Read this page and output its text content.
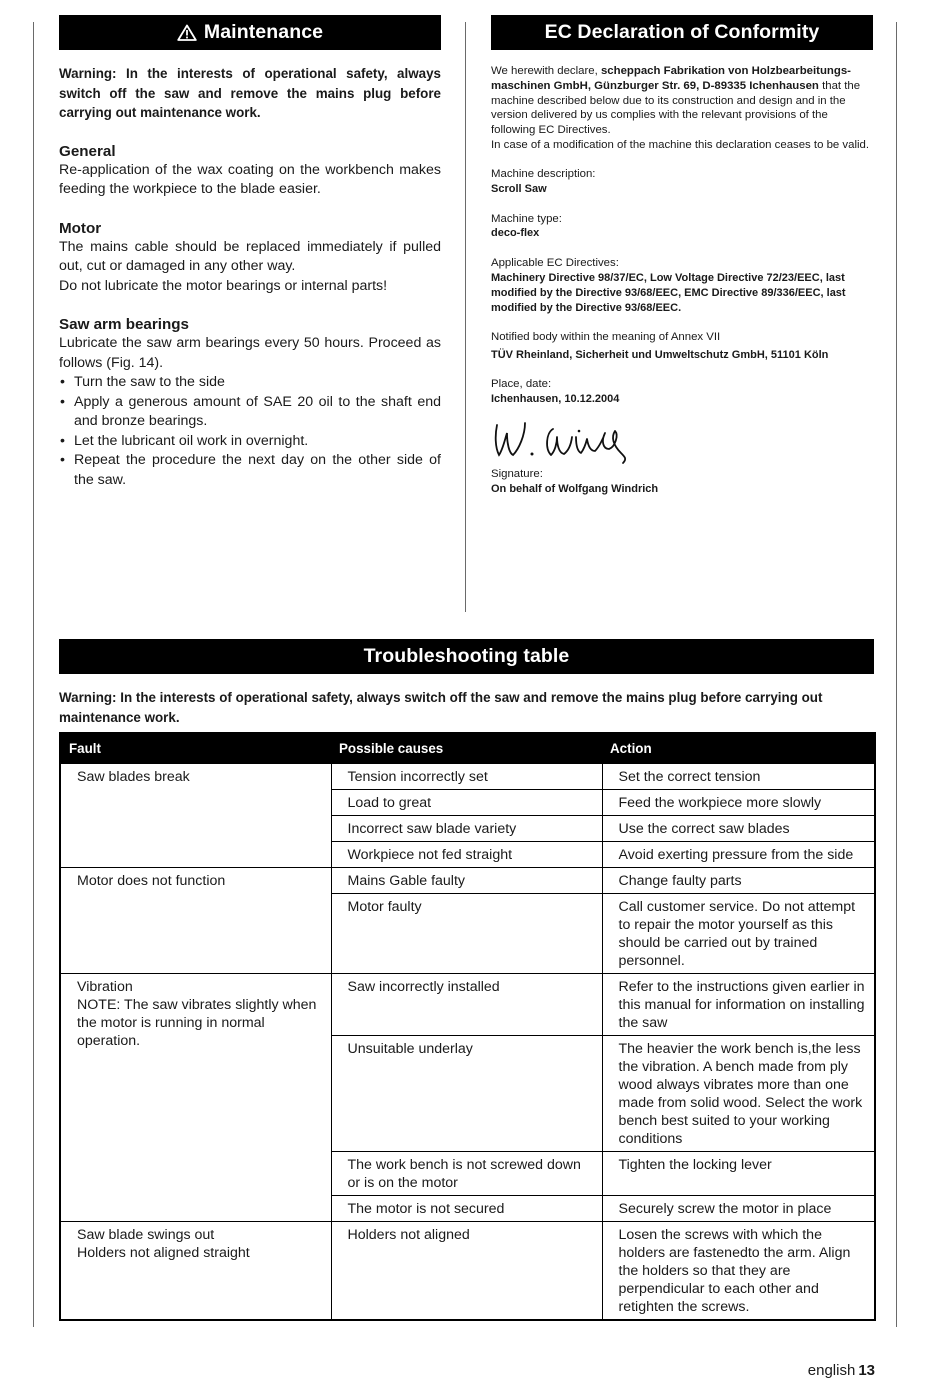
Maintenance
Warning: In the interests of operational safety, always switch off the saw and remove the mains plug before carrying out maintenance work.
General

Re-application of the wax coating on the workbench makes feeding the workpiece to the blade easier.

Motor

The mains cable should be replaced immediately if pulled out, cut or damaged in any other way.

Do not lubricate the motor bearings or internal parts!

Saw arm bearings

Lubricate the saw arm bearings every 50 hours. Proceed as follows (Fig. 14).

• Turn the saw to the side
• Apply a generous amount of SAE 20 oil to the shaft end and bronze bearings.
• Let the lubricant oil work in overnight.
• Repeat the procedure the next day on the other side of the saw.
EC Declaration of Conformity

We herewith declare, scheppach Fabrikation von Holzbearbeitungs-maschinen GmbH, Günzburger Str. 69, D-89335 Ichenhausen that the machine described below due to its construction and design and in the version delivered by us complies with the relevant provisions of the following EC Directives.

In case of a modification of the machine this declaration ceases to be valid.

Machine description:

Scroll Saw

Machine type:

deco-flex

Applicable EC Directives:

Machinery Directive 98/37/EC, Low Voltage Directive 72/23/EEC, last modified by the Directive 93/68/EEC, EMC Directive 89/336/EEC, last modified by the Directive 93/68/EEC.

Notified body within the meaning of Annex VII

TÜV Rheinland, Sicherheit und Umweltschutz GmbH, 51101 Köln

Place, date:

Ichenhausen, 10.12.2004

Signature:

On behalf of Wolfgang Windrich

Troubleshooting table
Warning: In the interests of operational safety, always switch off the saw and remove the mains plug before carrying out maintenance work.
Fault	Possible causes	Action
Saw blades break	Tension incorrectly set	Set the correct tension
	Load to great	Feed the workpiece more slowly
	Incorrect saw blade variety	Use the correct saw blades
	Workpiece not fed straight	Avoid exerting pressure from the side
Motor does not function	Mains Gable faulty	Change faulty parts
	Motor faulty	Call customer service. Do not attempt to repair the motor yourself as this should be carried out by trained personnel.
Vibration
NOTE: The saw vibrates slightly when the motor is running in normal operation.	Saw incorrectly installed	Refer to the instructions given earlier in this manual for information on installing the saw
	Unsuitable underlay	The heavier the work bench is,the less the vibration. A bench made from ply wood always vibrates more than one made from solid wood. Select the work bench best suited to your working conditions
	The work bench is not screwed down or is on the motor	Tighten the locking lever
	The motor is not secured	Securely screw the motor in place
Saw blade swings out
Holders not aligned straight	Holders not aligned	Losen the screws with which the holders are fastenedto the arm. Align the holders so that they are perpendicular to each other and retighten the screws.
english 13
